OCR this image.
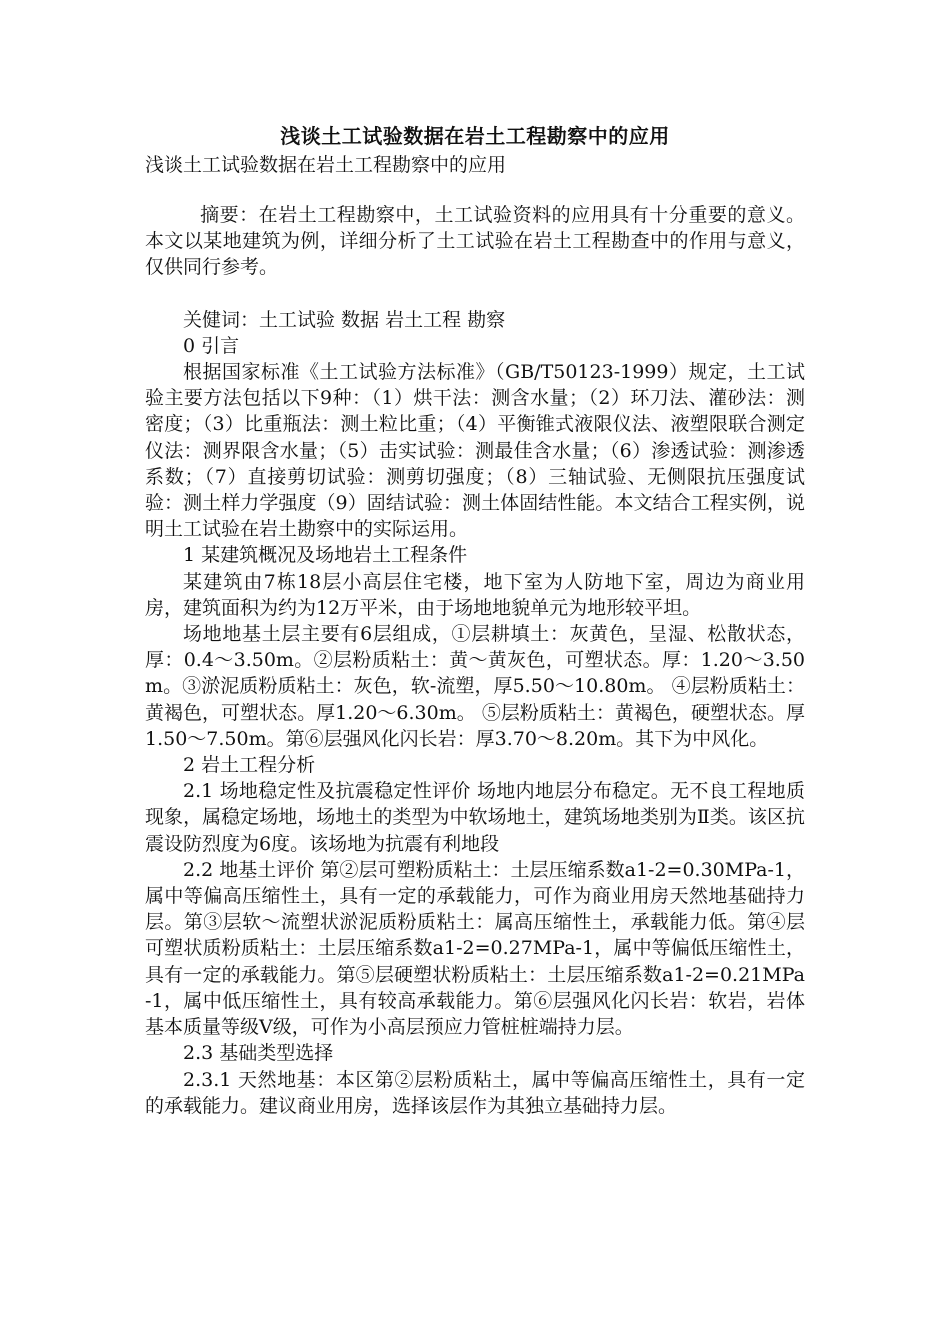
浅谈土工试验数据在岩土工程勘察中的应用
浅谈土工试验数据在岩土工程勘察中的应用

摘要：在岩土工程勘察中，土工试验资料的应用具有十分重要的意义。本文以某地建筑为例，详细分析了土工试验在岩土工程勘查中的作用与意义，仅供同行参考。

关健词：土工试验 数据 岩土工程 勘察

0 引言

根据国家标准《土工试验方法标准》（GB/T50123-1999）规定，土工试验主要方法包括以下9种：（1）烘干法：测含水量；（2）环刀法、灌砂法：测密度；（3）比重瓶法：测土粒比重；（4）平衡锥式液限仪法、液塑限联合测定仪法：测界限含水量；（5）击实试验：测最佳含水量；（6）渗透试验：测渗透系数；（7）直接剪切试验：测剪切强度；（8）三轴试验、无侧限抗压强度试验：测土样力学强度（9）固结试验：测土体固结性能。本文结合工程实例，说明土工试验在岩土勘察中的实际运用。

1 某建筑概况及场地岩土工程条件

某建筑由7栋18层小高层住宅楼，地下室为人防地下室，周边为商业用房，建筑面积为约为12万平米，由于场地地貌单元为地形较平坦。

场地地基土层主要有6层组成，①层耕填土：灰黄色，呈湿、松散状态，厚：0.4～3.50m。②层粉质粘土：黄～黄灰色，可塑状态。厚：1.20～3.50m。③淤泥质粉质粘土：灰色，软-流塑，厚5.50～10.80m。 ④层粉质粘土：黄褐色，可塑状态。厚1.20～6.30m。 ⑤层粉质粘土：黄褐色，硬塑状态。厚1.50～7.50m。第⑥层强风化闪长岩：厚3.70～8.20m。其下为中风化。

2 岩土工程分析

2.1 场地稳定性及抗震稳定性评价 场地内地层分布稳定。无不良工程地质现象，属稳定场地，场地土的类型为中软场地土，建筑场地类别为Ⅱ类。该区抗震设防烈度为6度。该场地为抗震有利地段

2.2 地基土评价 第②层可塑粉质粘土：土层压缩系数a1-2=0.30MPa-1，属中等偏高压缩性土，具有一定的承载能力，可作为商业用房天然地基础持力层。第③层软～流塑状淤泥质粉质粘土：属高压缩性土，承载能力低。第④层可塑状质粉质粘土：土层压缩系数a1-2=0.27MPa-1，属中等偏低压缩性土，具有一定的承载能力。第⑤层硬塑状粉质粘土：土层压缩系数a1-2=0.21MPa-1，属中低压缩性土，具有较高承载能力。第⑥层强风化闪长岩：软岩，岩体基本质量等级Ⅴ级，可作为小高层预应力管桩桩端持力层。

2.3 基础类型选择

2.3.1 天然地基：本区第②层粉质粘土，属中等偏高压缩性土，具有一定的承载能力。建议商业用房，选择该层作为其独立基础持力层。
